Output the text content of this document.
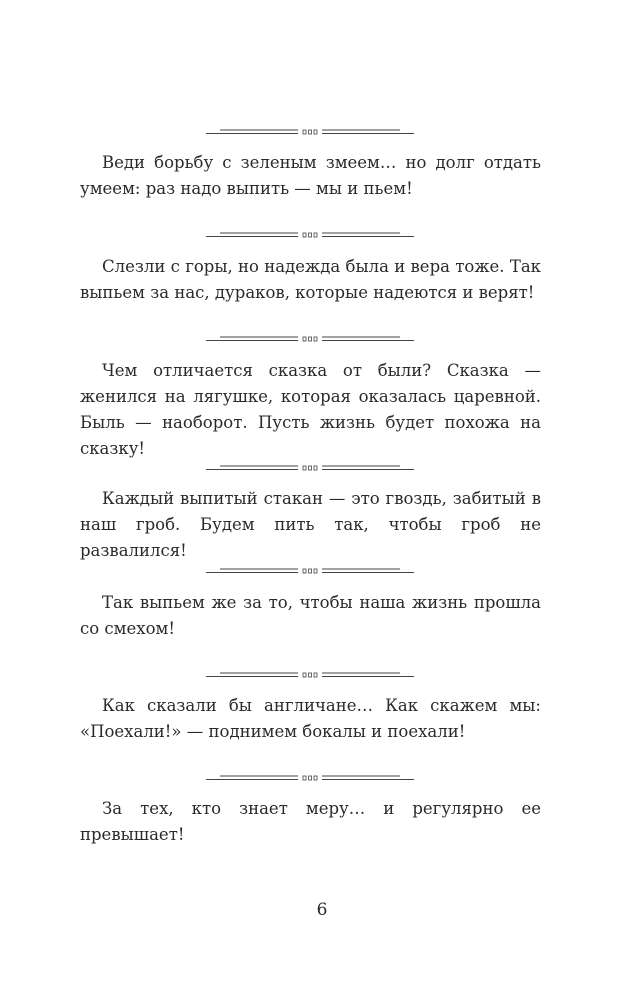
Веди борьбу с зеленым змеем… но долг отдать умеем: раз надо выпить — мы и пьем!

Слезли с горы, но надежда была и вера тоже. Так выпьем за нас, дураков, которые надеются и верят!

Чем отличается сказка от были? Сказка — женился на лягушке, которая оказалась царевной. Быль — наоборот. Пусть жизнь будет похожа на сказку!

Каждый выпитый стакан — это гвоздь, забитый в наш гроб. Будем пить так, чтобы гроб не развалился!

Так выпьем же за то, чтобы наша жизнь прошла со смехом!

Как сказали бы англичане… Как скажем мы: «Поехали!» — поднимем бокалы и поехали!

За тех, кто знает меру… и регулярно ее превышает!

6
